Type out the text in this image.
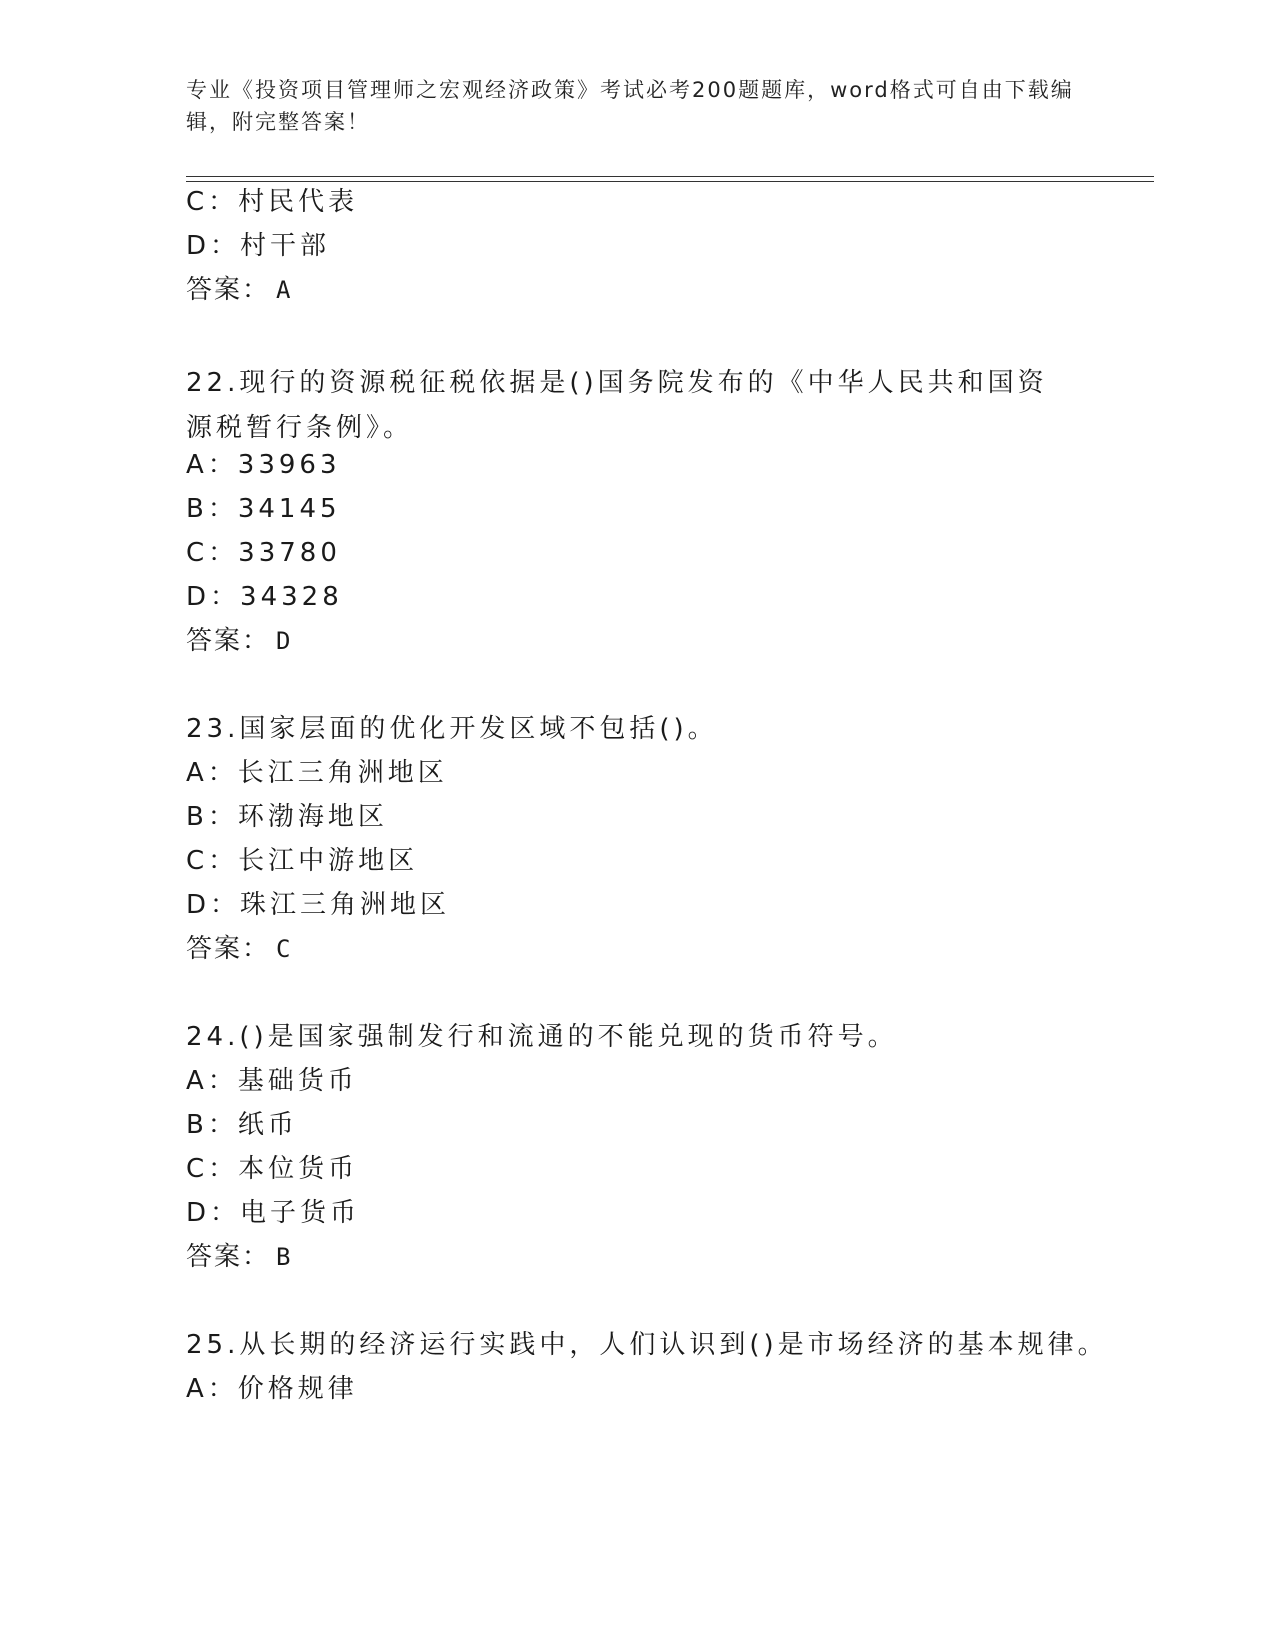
专业《投资项目管理师之宏观经济政策》考试必考200题题库，word格式可自由下载编辑，附完整答案！
C：村民代表
D：村干部
答案： A
22.现行的资源税征税依据是()国务院发布的《中华人民共和国资源税暂行条例》。
A：33963
B：34145
C：33780
D：34328
答案： D
23.国家层面的优化开发区域不包括()。
A：长江三角洲地区
B：环渤海地区
C：长江中游地区
D：珠江三角洲地区
答案： C
24.()是国家强制发行和流通的不能兑现的货币符号。
A：基础货币
B：纸币
C：本位货币
D：电子货币
答案： B
25.从长期的经济运行实践中，人们认识到()是市场经济的基本规律。
A：价格规律
